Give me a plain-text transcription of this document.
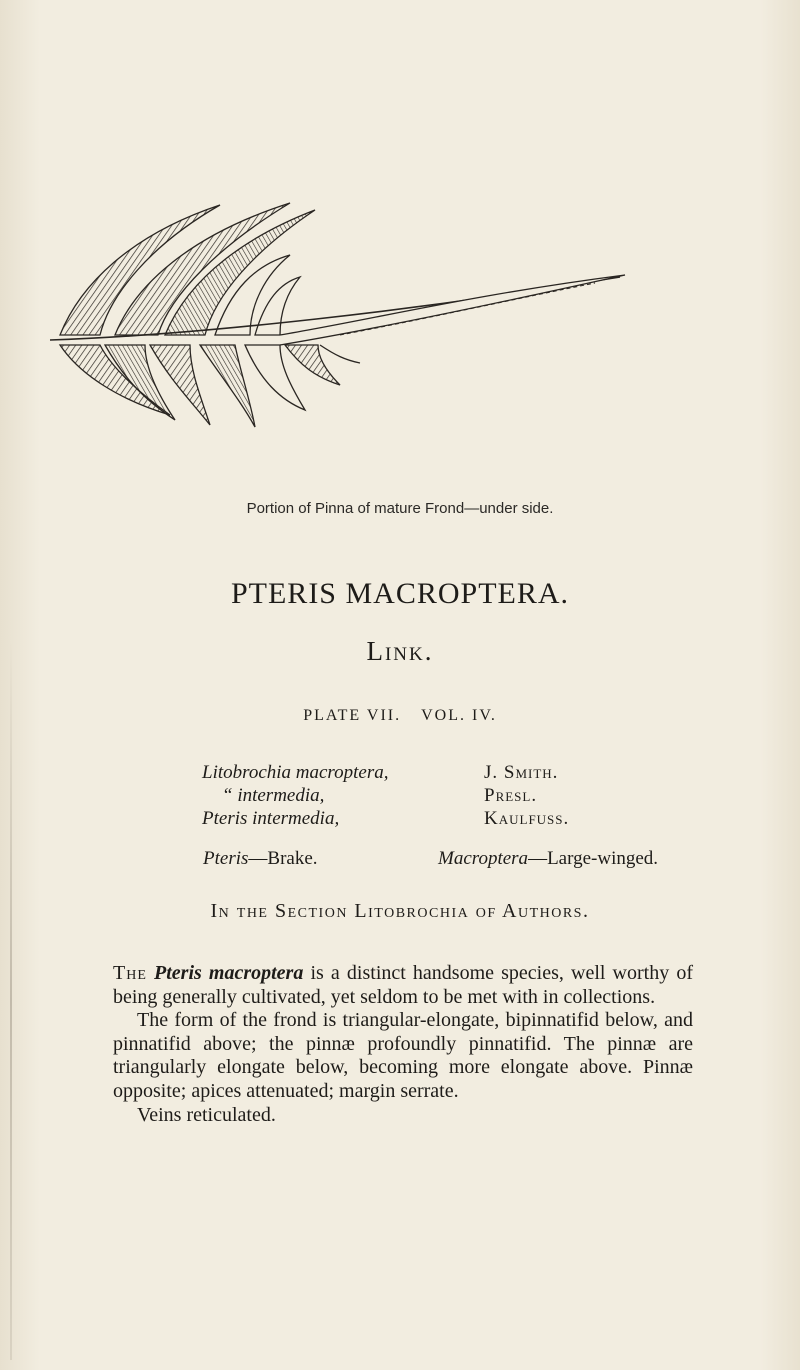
Portion of Pinna of mature Frond—under side.
PTERIS MACROPTERA.
Link.
PLATE VII. VOL. IV.
Litobrochia macroptera,	J. Smith.
“ intermedia,	Presl.
Pteris intermedia,	Kaulfuss.
Pteris—Brake.	Macroptera—Large-winged.
In the Section Litobrochia of Authors.

The Pteris macroptera is a distinct handsome species, well worthy of being generally cultivated, yet seldom to be met with in collections.

The form of the frond is triangular-elongate, bipinnatifid below, and pinnatifid above; the pinnæ profoundly pinnatifid. The pinnæ are triangularly elongate below, becoming more elongate above. Pinnæ opposite; apices attenuated; margin serrate.

Veins reticulated.
